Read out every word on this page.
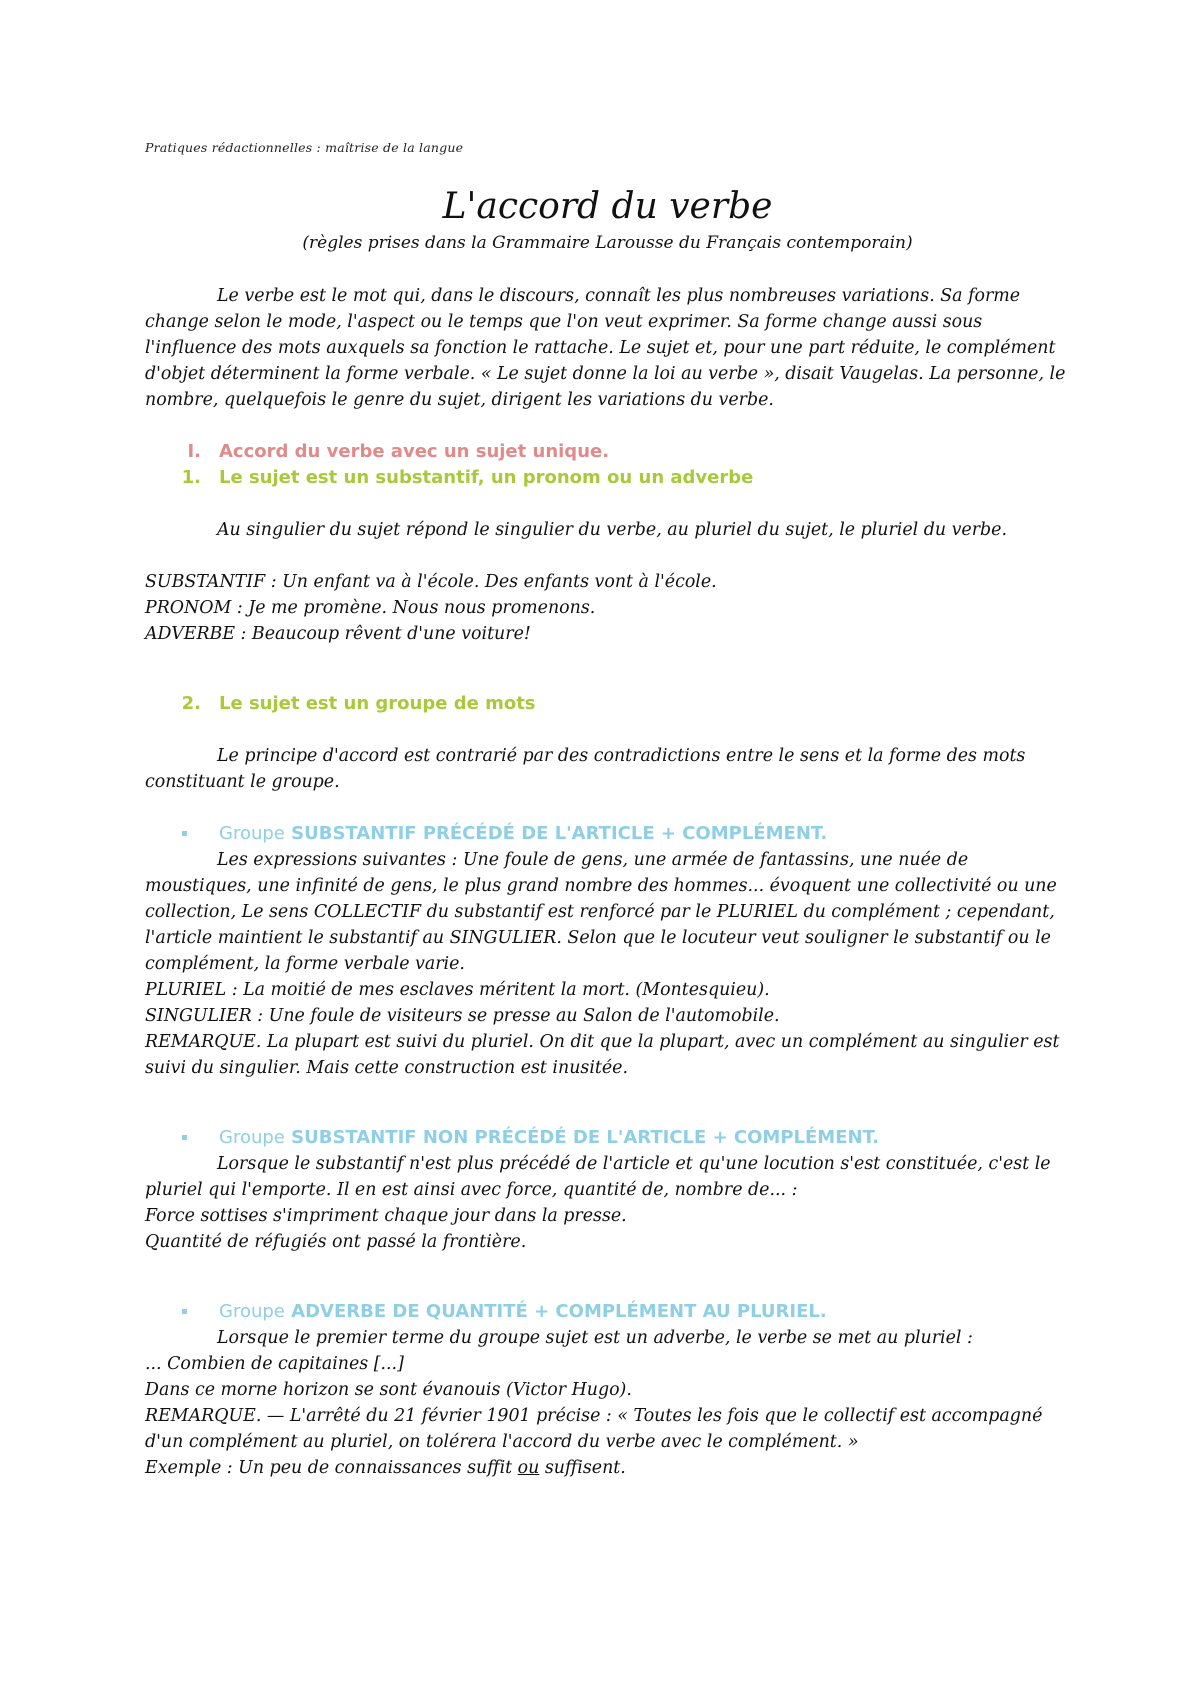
Pratiques rédactionnelles : maîtrise de la langue

L'accord du verbe

(règles prises dans la Grammaire Larousse du Français contemporain)

Le verbe est le mot qui, dans le discours, connaît les plus nombreuses variations. Sa forme change selon le mode, l'aspect ou le temps que l'on veut exprimer. Sa forme change aussi sous l'influence des mots auxquels sa fonction le rattache. Le sujet et, pour une part réduite, le complément d'objet déterminent la forme verbale. « Le sujet donne la loi au verbe », disait Vaugelas. La personne, le nombre, quelquefois le genre du sujet, dirigent les variations du verbe.

I.	Accord du verbe avec un sujet unique.
1.	Le sujet est un substantif, un pronom ou un adverbe

Au singulier du sujet répond le singulier du verbe, au pluriel du sujet, le pluriel du verbe.

SUBSTANTIF : Un enfant va à l'école. Des enfants vont à l'école.

PRONOM : Je me promène. Nous nous promenons.

ADVERBE : Beaucoup rêvent d'une voiture!

2.	Le sujet est un groupe de mots

Le principe d'accord est contrarié par des contradictions entre le sens et la forme des mots constituant le groupe.

▪	Groupe SUBSTANTIF PRÉCÉDÉ DE L'ARTICLE + COMPLÉMENT.

Les expressions suivantes : Une foule de gens, une armée de fantassins, une nuée de moustiques, une infinité de gens, le plus grand nombre des hommes... évoquent une collectivité ou une collection, Le sens COLLECTIF du substantif est renforcé par le PLURIEL du complément ; cependant, l'article maintient le substantif au SINGULIER. Selon que le locuteur veut souligner le substantif ou le complément, la forme verbale varie.

PLURIEL : La moitié de mes esclaves méritent la mort. (Montesquieu).

SINGULIER : Une foule de visiteurs se presse au Salon de l'automobile.

REMARQUE. La plupart est suivi du pluriel. On dit que la plupart, avec un complément au singulier est suivi du singulier. Mais cette construction est inusitée.

▪	Groupe SUBSTANTIF NON PRÉCÉDÉ DE L'ARTICLE + COMPLÉMENT.

Lorsque le substantif n'est plus précédé de l'article et qu'une locution s'est constituée, c'est le pluriel qui l'emporte. Il en est ainsi avec force, quantité de, nombre de... :

Force sottises s'impriment chaque jour dans la presse.

Quantité de réfugiés ont passé la frontière.

▪	Groupe ADVERBE DE QUANTITÉ + COMPLÉMENT AU PLURIEL.

Lorsque le premier terme du groupe sujet est un adverbe, le verbe se met au pluriel :

... Combien de capitaines [...]

Dans ce morne horizon se sont évanouis (Victor Hugo).

REMARQUE. — L'arrêté du 21 février 1901 précise : « Toutes les fois que le collectif est accompagné d'un complément au pluriel, on tolérera l'accord du verbe avec le complément. »

Exemple : Un peu de connaissances suffit ou suffisent.
